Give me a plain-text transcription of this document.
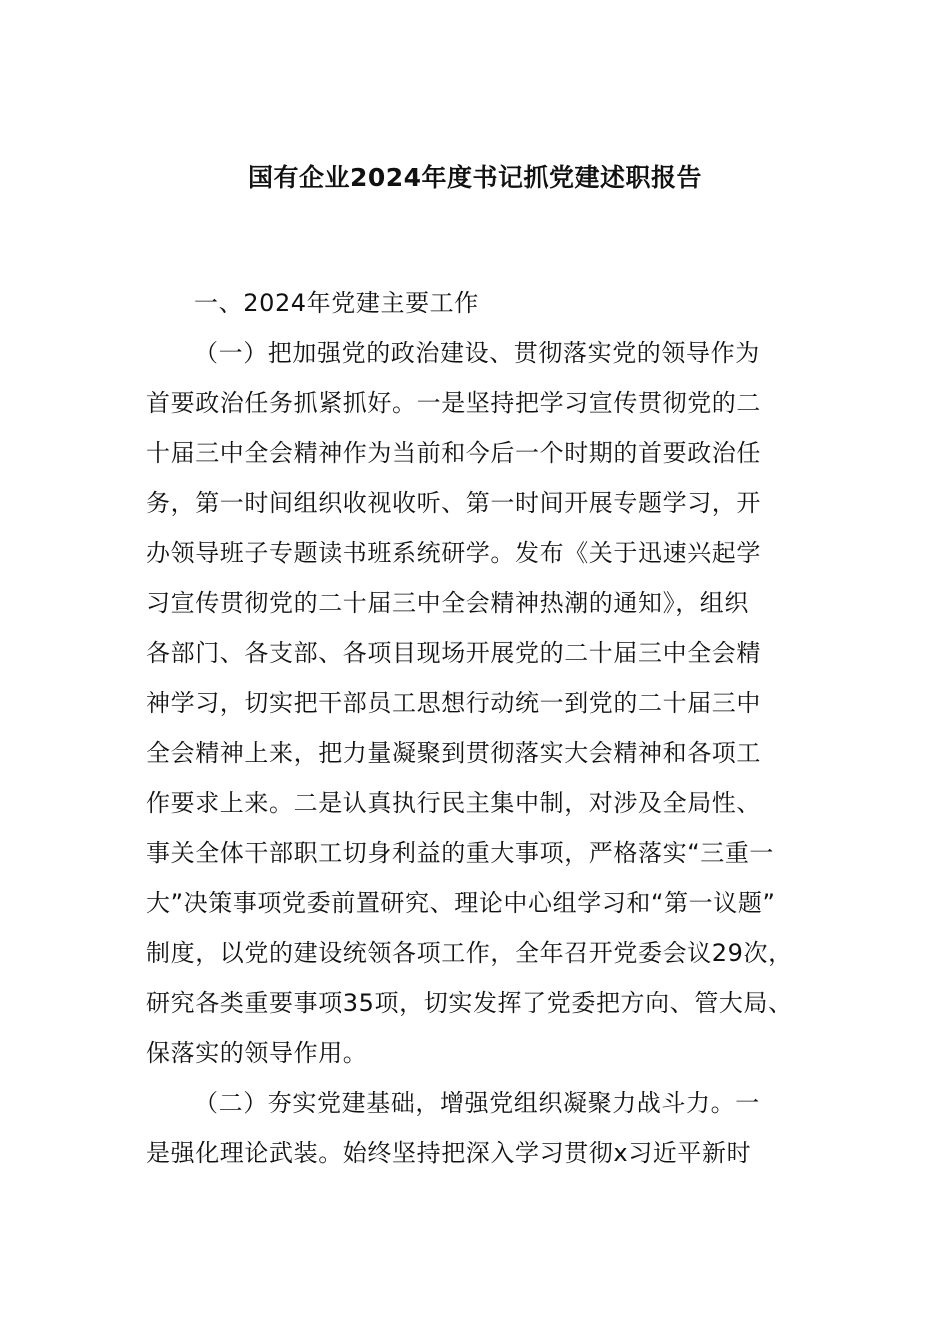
国有企业2024年度书记抓党建述职报告
一、2024年党建主要工作
（一）把加强党的政治建设、贯彻落实党的领导作为
首要政治任务抓紧抓好。一是坚持把学习宣传贯彻党的二
十届三中全会精神作为当前和今后一个时期的首要政治任
务，第一时间组织收视收听、第一时间开展专题学习，开
办领导班子专题读书班系统研学。发布《关于迅速兴起学
习宣传贯彻党的二十届三中全会精神热潮的通知》，组织
各部门、各支部、各项目现场开展党的二十届三中全会精
神学习，切实把干部员工思想行动统一到党的二十届三中
全会精神上来，把力量凝聚到贯彻落实大会精神和各项工
作要求上来。二是认真执行民主集中制，对涉及全局性、
事关全体干部职工切身利益的重大事项，严格落实“三重一
大”决策事项党委前置研究、理论中心组学习和“第一议题”
制度，以党的建设统领各项工作，全年召开党委会议29次，
研究各类重要事项35项，切实发挥了党委把方向、管大局、
保落实的领导作用。
（二）夯实党建基础，增强党组织凝聚力战斗力。一
是强化理论武装。始终坚持把深入学习贯彻x习近平新时
